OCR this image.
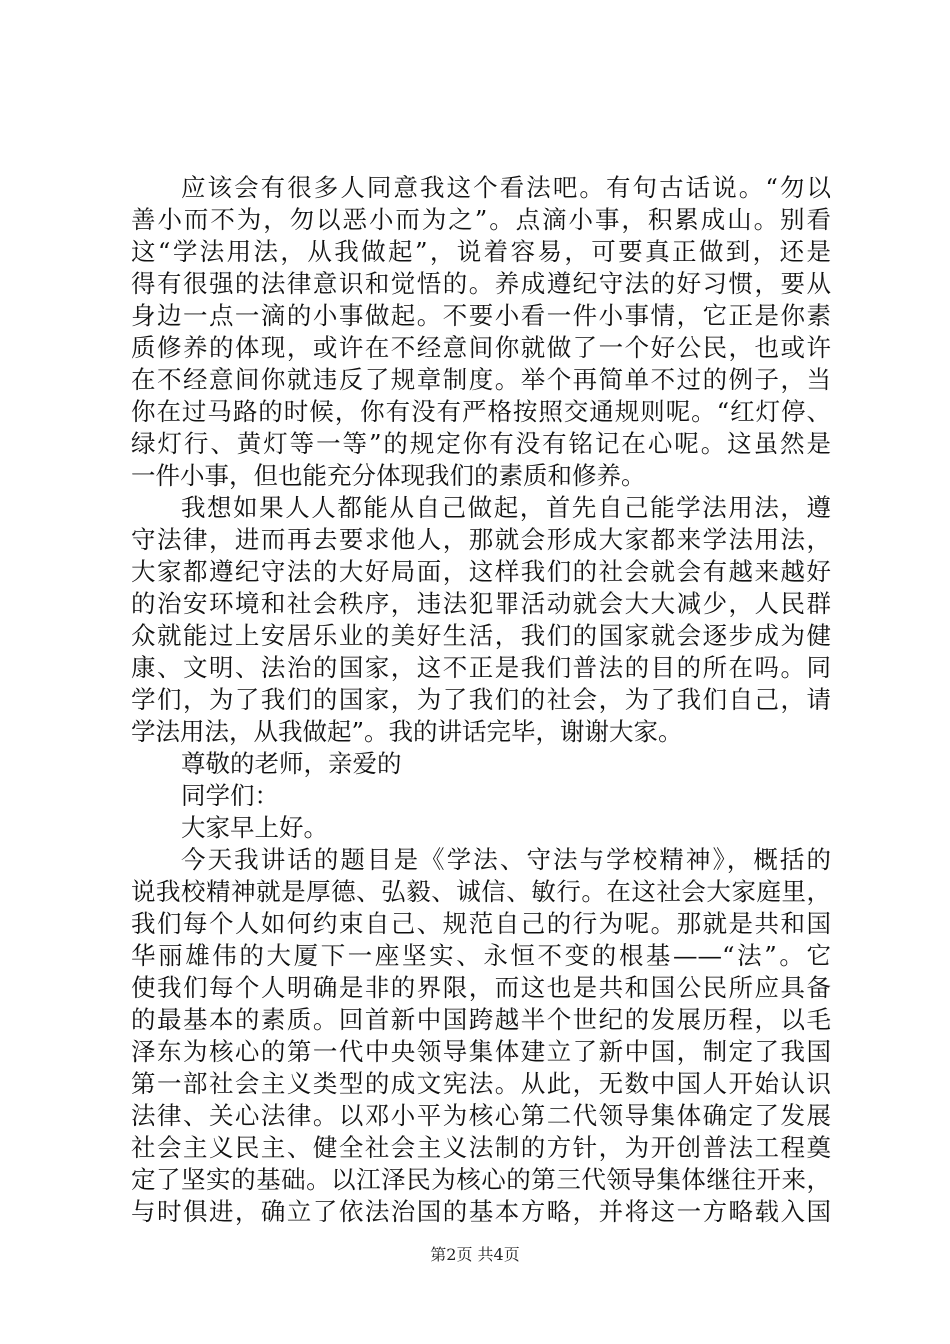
应该会有很多人同意我这个看法吧。有句古话说。“勿以
善小而不为，勿以恶小而为之”。点滴小事，积累成山。别看
这“学法用法，从我做起”，说着容易，可要真正做到，还是
得有很强的法律意识和觉悟的。养成遵纪守法的好习惯，要从
身边一点一滴的小事做起。不要小看一件小事情，它正是你素
质修养的体现，或许在不经意间你就做了一个好公民，也或许
在不经意间你就违反了规章制度。举个再简单不过的例子，当
你在过马路的时候，你有没有严格按照交通规则呢。“红灯停、
绿灯行、黄灯等一等”的规定你有没有铭记在心呢。这虽然是
一件小事，但也能充分体现我们的素质和修养。
我想如果人人都能从自己做起，首先自己能学法用法，遵
守法律，进而再去要求他人，那就会形成大家都来学法用法，
大家都遵纪守法的大好局面，这样我们的社会就会有越来越好
的治安环境和社会秩序，违法犯罪活动就会大大减少，人民群
众就能过上安居乐业的美好生活，我们的国家就会逐步成为健
康、文明、法治的国家，这不正是我们普法的目的所在吗。同
学们，为了我们的国家，为了我们的社会，为了我们自己，请
学法用法，从我做起”。我的讲话完毕，谢谢大家。
尊敬的老师，亲爱的
同学们：
大家早上好。
今天我讲话的题目是《学法、守法与学校精神》，概括的
说我校精神就是厚德、弘毅、诚信、敏行。在这社会大家庭里，
我们每个人如何约束自己、规范自己的行为呢。那就是共和国
华丽雄伟的大厦下一座坚实、永恒不变的根基——“法”。它
使我们每个人明确是非的界限，而这也是共和国公民所应具备
的最基本的素质。回首新中国跨越半个世纪的发展历程，以毛
泽东为核心的第一代中央领导集体建立了新中国，制定了我国
第一部社会主义类型的成文宪法。从此，无数中国人开始认识
法律、关心法律。以邓小平为核心第二代领导集体确定了发展
社会主义民主、健全社会主义法制的方针，为开创普法工程奠
定了坚实的基础。以江泽民为核心的第三代领导集体继往开来，
与时俱进，确立了依法治国的基本方略，并将这一方略载入国
第2页 共4页
